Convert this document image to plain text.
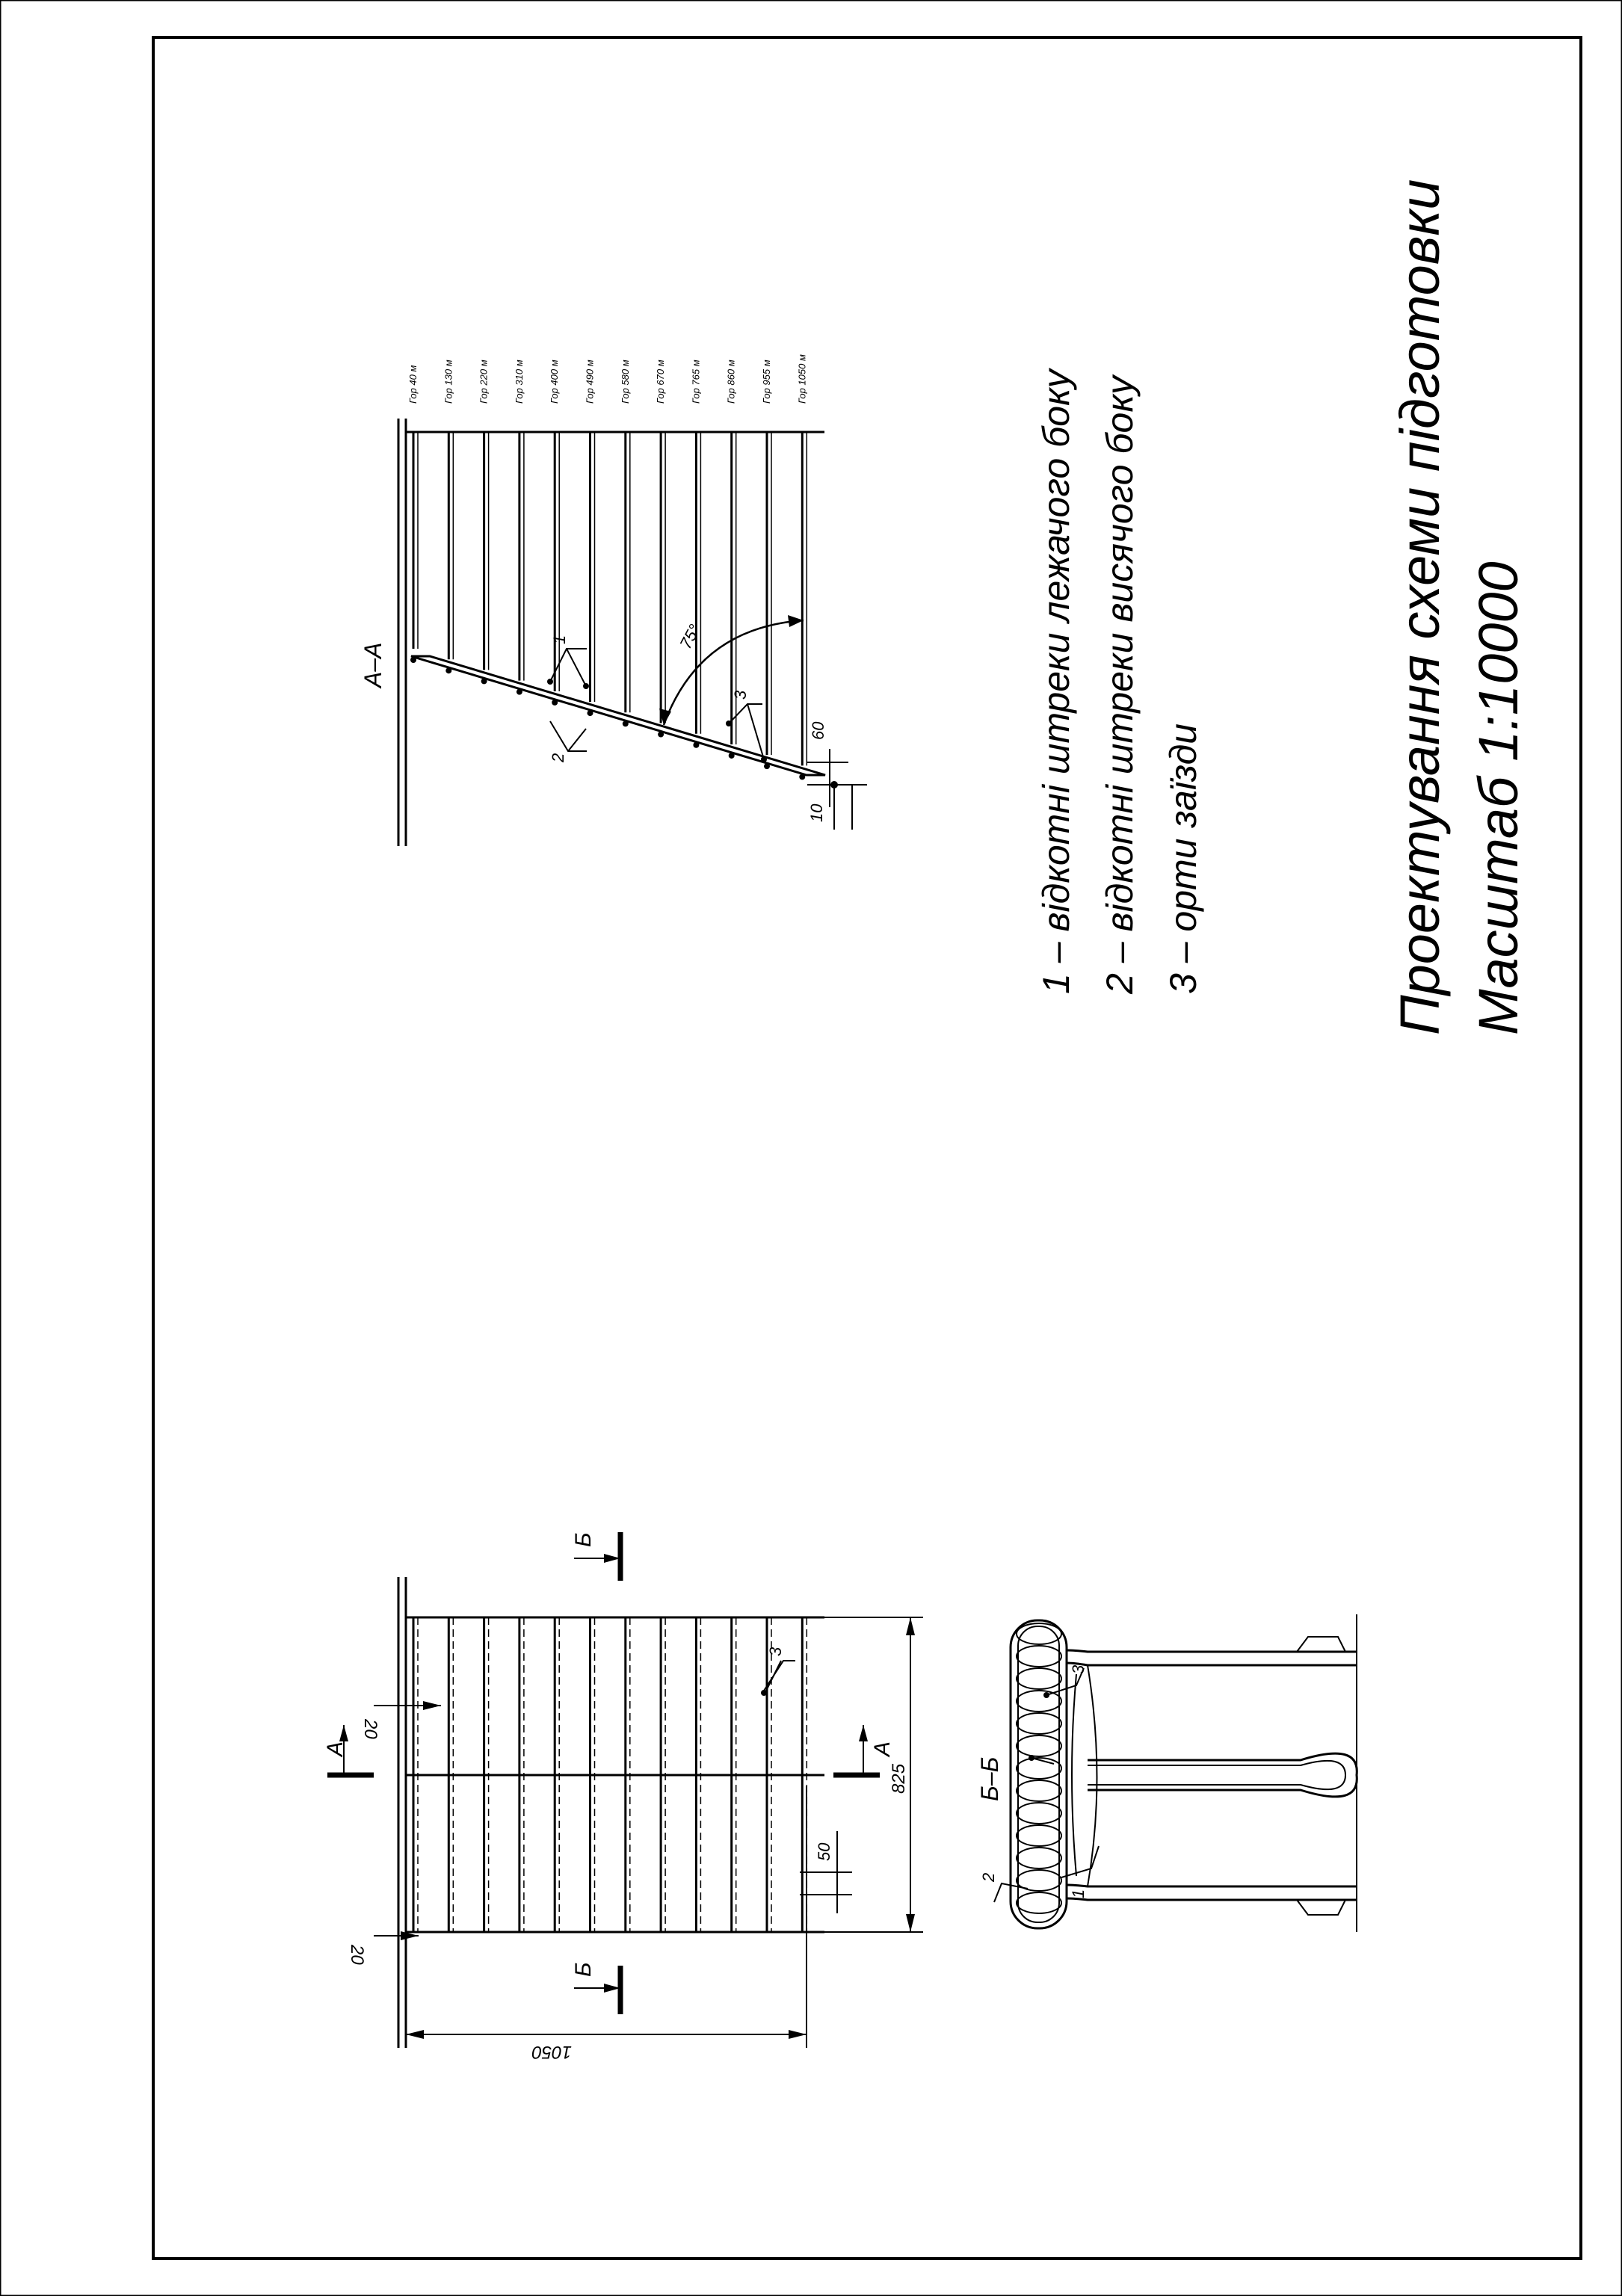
75°
60
10
1
2
3
А–А
Гор 40 м Гор 130 м Гор 220 м Гор 310 м Гор 400 м Гор 490 м Гор 580 м Гор 670 м Гор 765 м Гор 860 м Гор 955 м Гор 1050 м	1 – відкотні штреки лежачого боку 2 – відкотні штреки висячого боку 3 – орти заїзди	Проектування схеми підготовки Масштаб 1:10000
825
1050
20
20
50
А	А
Б
Б
3
3
1
2
Б–Б
